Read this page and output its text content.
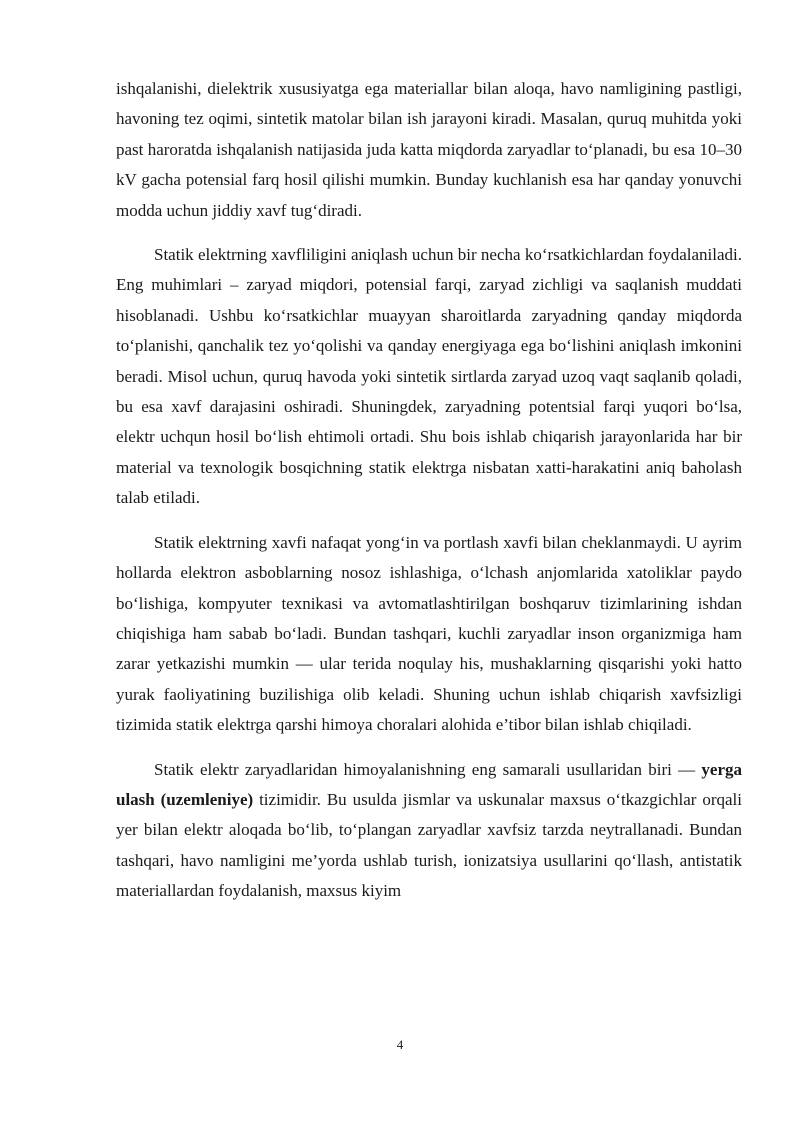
ishqalanishi, dielektrik xususiyatga ega materiallar bilan aloqa, havo namligining pastligi, havoning tez oqimi, sintetik matolar bilan ish jarayoni kiradi. Masalan, quruq muhitda yoki past haroratda ishqalanish natijasida juda katta miqdorda zaryadlar to‘planadi, bu esa 10–30 kV gacha potensial farq hosil qilishi mumkin. Bunday kuchlanish esa har qanday yonuvchi modda uchun jiddiy xavf tug‘diradi.

Statik elektrning xavfliligini aniqlash uchun bir necha ko‘rsatkichlardan foydalaniladi. Eng muhimlari – zaryad miqdori, potensial farqi, zaryad zichligi va saqlanish muddati hisoblanadi. Ushbu ko‘rsatkichlar muayyan sharoitlarda zaryadning qanday miqdorda to‘planishi, qanchalik tez yo‘qolishi va qanday energiyaga ega bo‘lishini aniqlash imkonini beradi. Misol uchun, quruq havoda yoki sintetik sirtlarda zaryad uzoq vaqt saqlanib qoladi, bu esa xavf darajasini oshiradi. Shuningdek, zaryadning potentsial farqi yuqori bo‘lsa, elektr uchqun hosil bo‘lish ehtimoli ortadi. Shu bois ishlab chiqarish jarayonlarida har bir material va texnologik bosqichning statik elektrga nisbatan xatti-harakatini aniq baholash talab etiladi.

Statik elektrning xavfi nafaqat yong‘in va portlash xavfi bilan cheklanmaydi. U ayrim hollarda elektron asboblarning nosoz ishlashiga, o‘lchash anjomlarida xatoliklar paydo bo‘lishiga, kompyuter texnikasi va avtomatlashtirilgan boshqaruv tizimlarining ishdan chiqishiga ham sabab bo‘ladi. Bundan tashqari, kuchli zaryadlar inson organizmiga ham zarar yetkazishi mumkin — ular terida noqulay his, mushaklarning qisqarishi yoki hatto yurak faoliyatining buzilishiga olib keladi. Shuning uchun ishlab chiqarish xavfsizligi tizimida statik elektrga qarshi himoya choralari alohida e’tibor bilan ishlab chiqiladi.

Statik elektr zaryadlaridan himoyalanishning eng samarali usullaridan biri — yerga ulash (uzemleniye) tizimidir. Bu usulda jismlar va uskunalar maxsus o‘tkazgichlar orqali yer bilan elektr aloqada bo‘lib, to‘plangan zaryadlar xavfsiz tarzda neytrallanadi. Bundan tashqari, havo namligini me’yorda ushlab turish, ionizatsiya usullarini qo‘llash, antistatik materiallardan foydalanish, maxsus kiyim

4
